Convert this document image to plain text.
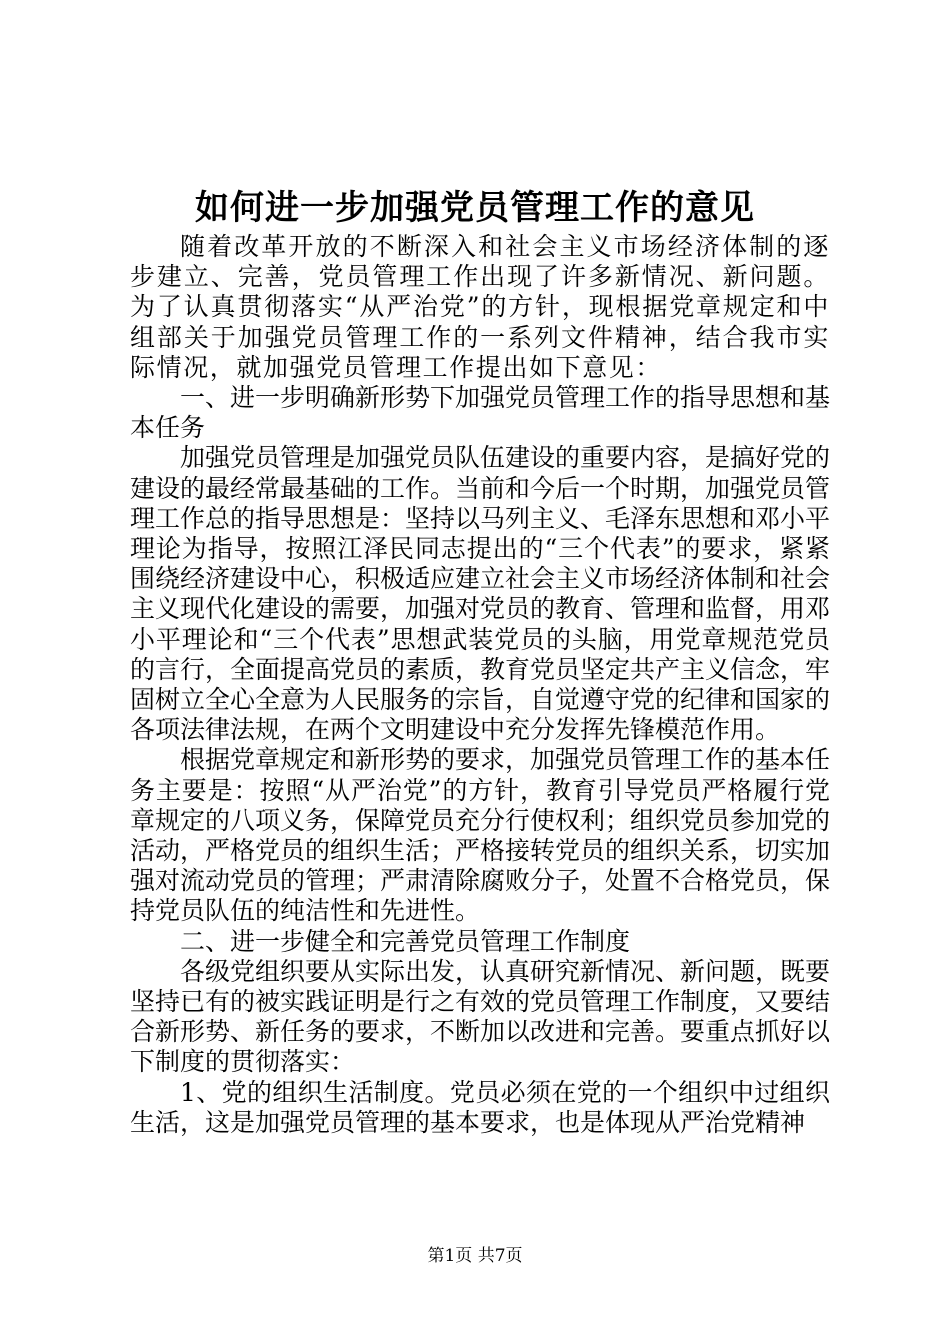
如何进一步加强党员管理工作的意见

随着改革开放的不断深入和社会主义市场经济体制的逐步建立、完善，党员管理工作出现了许多新情况、新问题。为了认真贯彻落实“从严治党”的方针，现根据党章规定和中组部关于加强党员管理工作的一系列文件精神，结合我市实际情况，就加强党员管理工作提出如下意见：

一、进一步明确新形势下加强党员管理工作的指导思想和基本任务

加强党员管理是加强党员队伍建设的重要内容，是搞好党的建设的最经常最基础的工作。当前和今后一个时期，加强党员管理工作总的指导思想是：坚持以马列主义、毛泽东思想和邓小平理论为指导，按照江泽民同志提出的“三个代表”的要求，紧紧围绕经济建设中心，积极适应建立社会主义市场经济体制和社会主义现代化建设的需要，加强对党员的教育、管理和监督，用邓小平理论和“三个代表”思想武装党员的头脑，用党章规范党员的言行，全面提高党员的素质，教育党员坚定共产主义信念，牢固树立全心全意为人民服务的宗旨，自觉遵守党的纪律和国家的各项法律法规，在两个文明建设中充分发挥先锋模范作用。

根据党章规定和新形势的要求，加强党员管理工作的基本任务主要是：按照“从严治党”的方针，教育引导党员严格履行党章规定的八项义务，保障党员充分行使权利；组织党员参加党的活动，严格党员的组织生活；严格接转党员的组织关系，切实加强对流动党员的管理；严肃清除腐败分子，处置不合格党员，保持党员队伍的纯洁性和先进性。

二、进一步健全和完善党员管理工作制度

各级党组织要从实际出发，认真研究新情况、新问题，既要坚持已有的被实践证明是行之有效的党员管理工作制度，又要结合新形势、新任务的要求，不断加以改进和完善。要重点抓好以下制度的贯彻落实：

1、党的组织生活制度。党员必须在党的一个组织中过组织生活，这是加强党员管理的基本要求，也是体现从严治党精神

第1页 共7页
